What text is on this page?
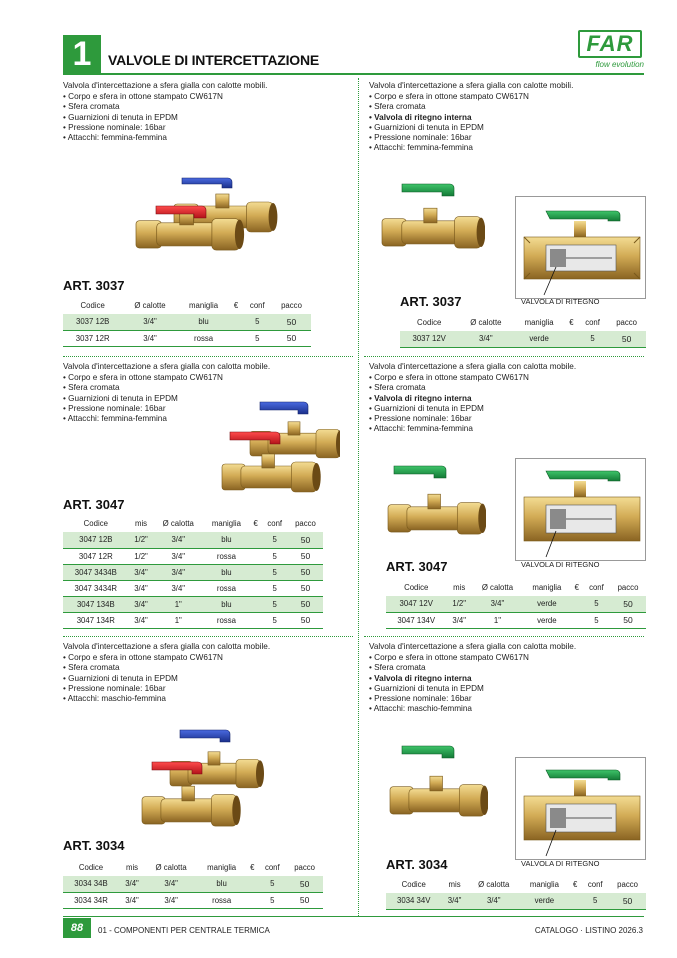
1	VALVOLE DI INTERCETTAZIONE
FAR
flow evolution
Valvola d'intercettazione a sfera gialla con calotte mobili.
• Corpo e sfera in ottone stampato CW617N
• Sfera cromata
• Guarnizioni di tenuta in EPDM
• Pressione nominale: 16bar
• Attacchi: femmina-femmina
ART. 3037
Codice	Ø calotte	maniglia	€	conf	pacco
3037 12B	3/4"	blu		5	50
3037 12R	3/4"	rossa		5	50
Valvola d'intercettazione a sfera gialla con calotte mobili.
• Corpo e sfera in ottone stampato CW617N
• Sfera cromata
• Valvola di ritegno interna
• Guarnizioni di tenuta in EPDM
• Pressione nominale: 16bar
• Attacchi: femmina-femmina
VALVOLA DI RITEGNO
ART. 3037
Codice	Ø calotte	maniglia	€	conf	pacco
3037 12V	3/4"	verde		5	50
Valvola d'intercettazione a sfera gialla con calotta mobile.
• Corpo e sfera in ottone stampato CW617N
• Sfera cromata
• Guarnizioni di tenuta in EPDM
• Pressione nominale: 16bar
• Attacchi: femmina-femmina
ART. 3047
Codice	mis	Ø calotta	maniglia	€	conf	pacco
3047 12B	1/2"	3/4"	blu		5	50
3047 12R	1/2"	3/4"	rossa		5	50
3047 3434B	3/4"	3/4"	blu		5	50
3047 3434R	3/4"	3/4"	rossa		5	50
3047 134B	3/4"	1"	blu		5	50
3047 134R	3/4"	1"	rossa		5	50
Valvola d'intercettazione a sfera gialla con calotta mobile.
• Corpo e sfera in ottone stampato CW617N
• Sfera cromata
• Valvola di ritegno interna
• Guarnizioni di tenuta in EPDM
• Pressione nominale: 16bar
• Attacchi: femmina-femmina
VALVOLA DI RITEGNO
ART. 3047
Codice	mis	Ø calotta	maniglia	€	conf	pacco
3047 12V	1/2"	3/4"	verde		5	50
3047 134V	3/4"	1"	verde		5	50
Valvola d'intercettazione a sfera gialla con calotta mobile.
• Corpo e sfera in ottone stampato CW617N
• Sfera cromata
• Guarnizioni di tenuta in EPDM
• Pressione nominale: 16bar
• Attacchi: maschio-femmina
ART. 3034
Codice	mis	Ø calotta	maniglia	€	conf	pacco
3034 34B	3/4"	3/4"	blu		5	50
3034 34R	3/4"	3/4"	rossa		5	50
Valvola d'intercettazione a sfera gialla con calotta mobile.
• Corpo e sfera in ottone stampato CW617N
• Sfera cromata
• Valvola di ritegno interna
• Guarnizioni di tenuta in EPDM
• Pressione nominale: 16bar
• Attacchi: maschio-femmina
VALVOLA DI RITEGNO
ART. 3034
Codice	mis	Ø calotta	maniglia	€	conf	pacco
3034 34V	3/4"	3/4"	verde		5	50
88	01 - COMPONENTI PER CENTRALE TERMICA	CATALOGO · LISTINO 2026.3
